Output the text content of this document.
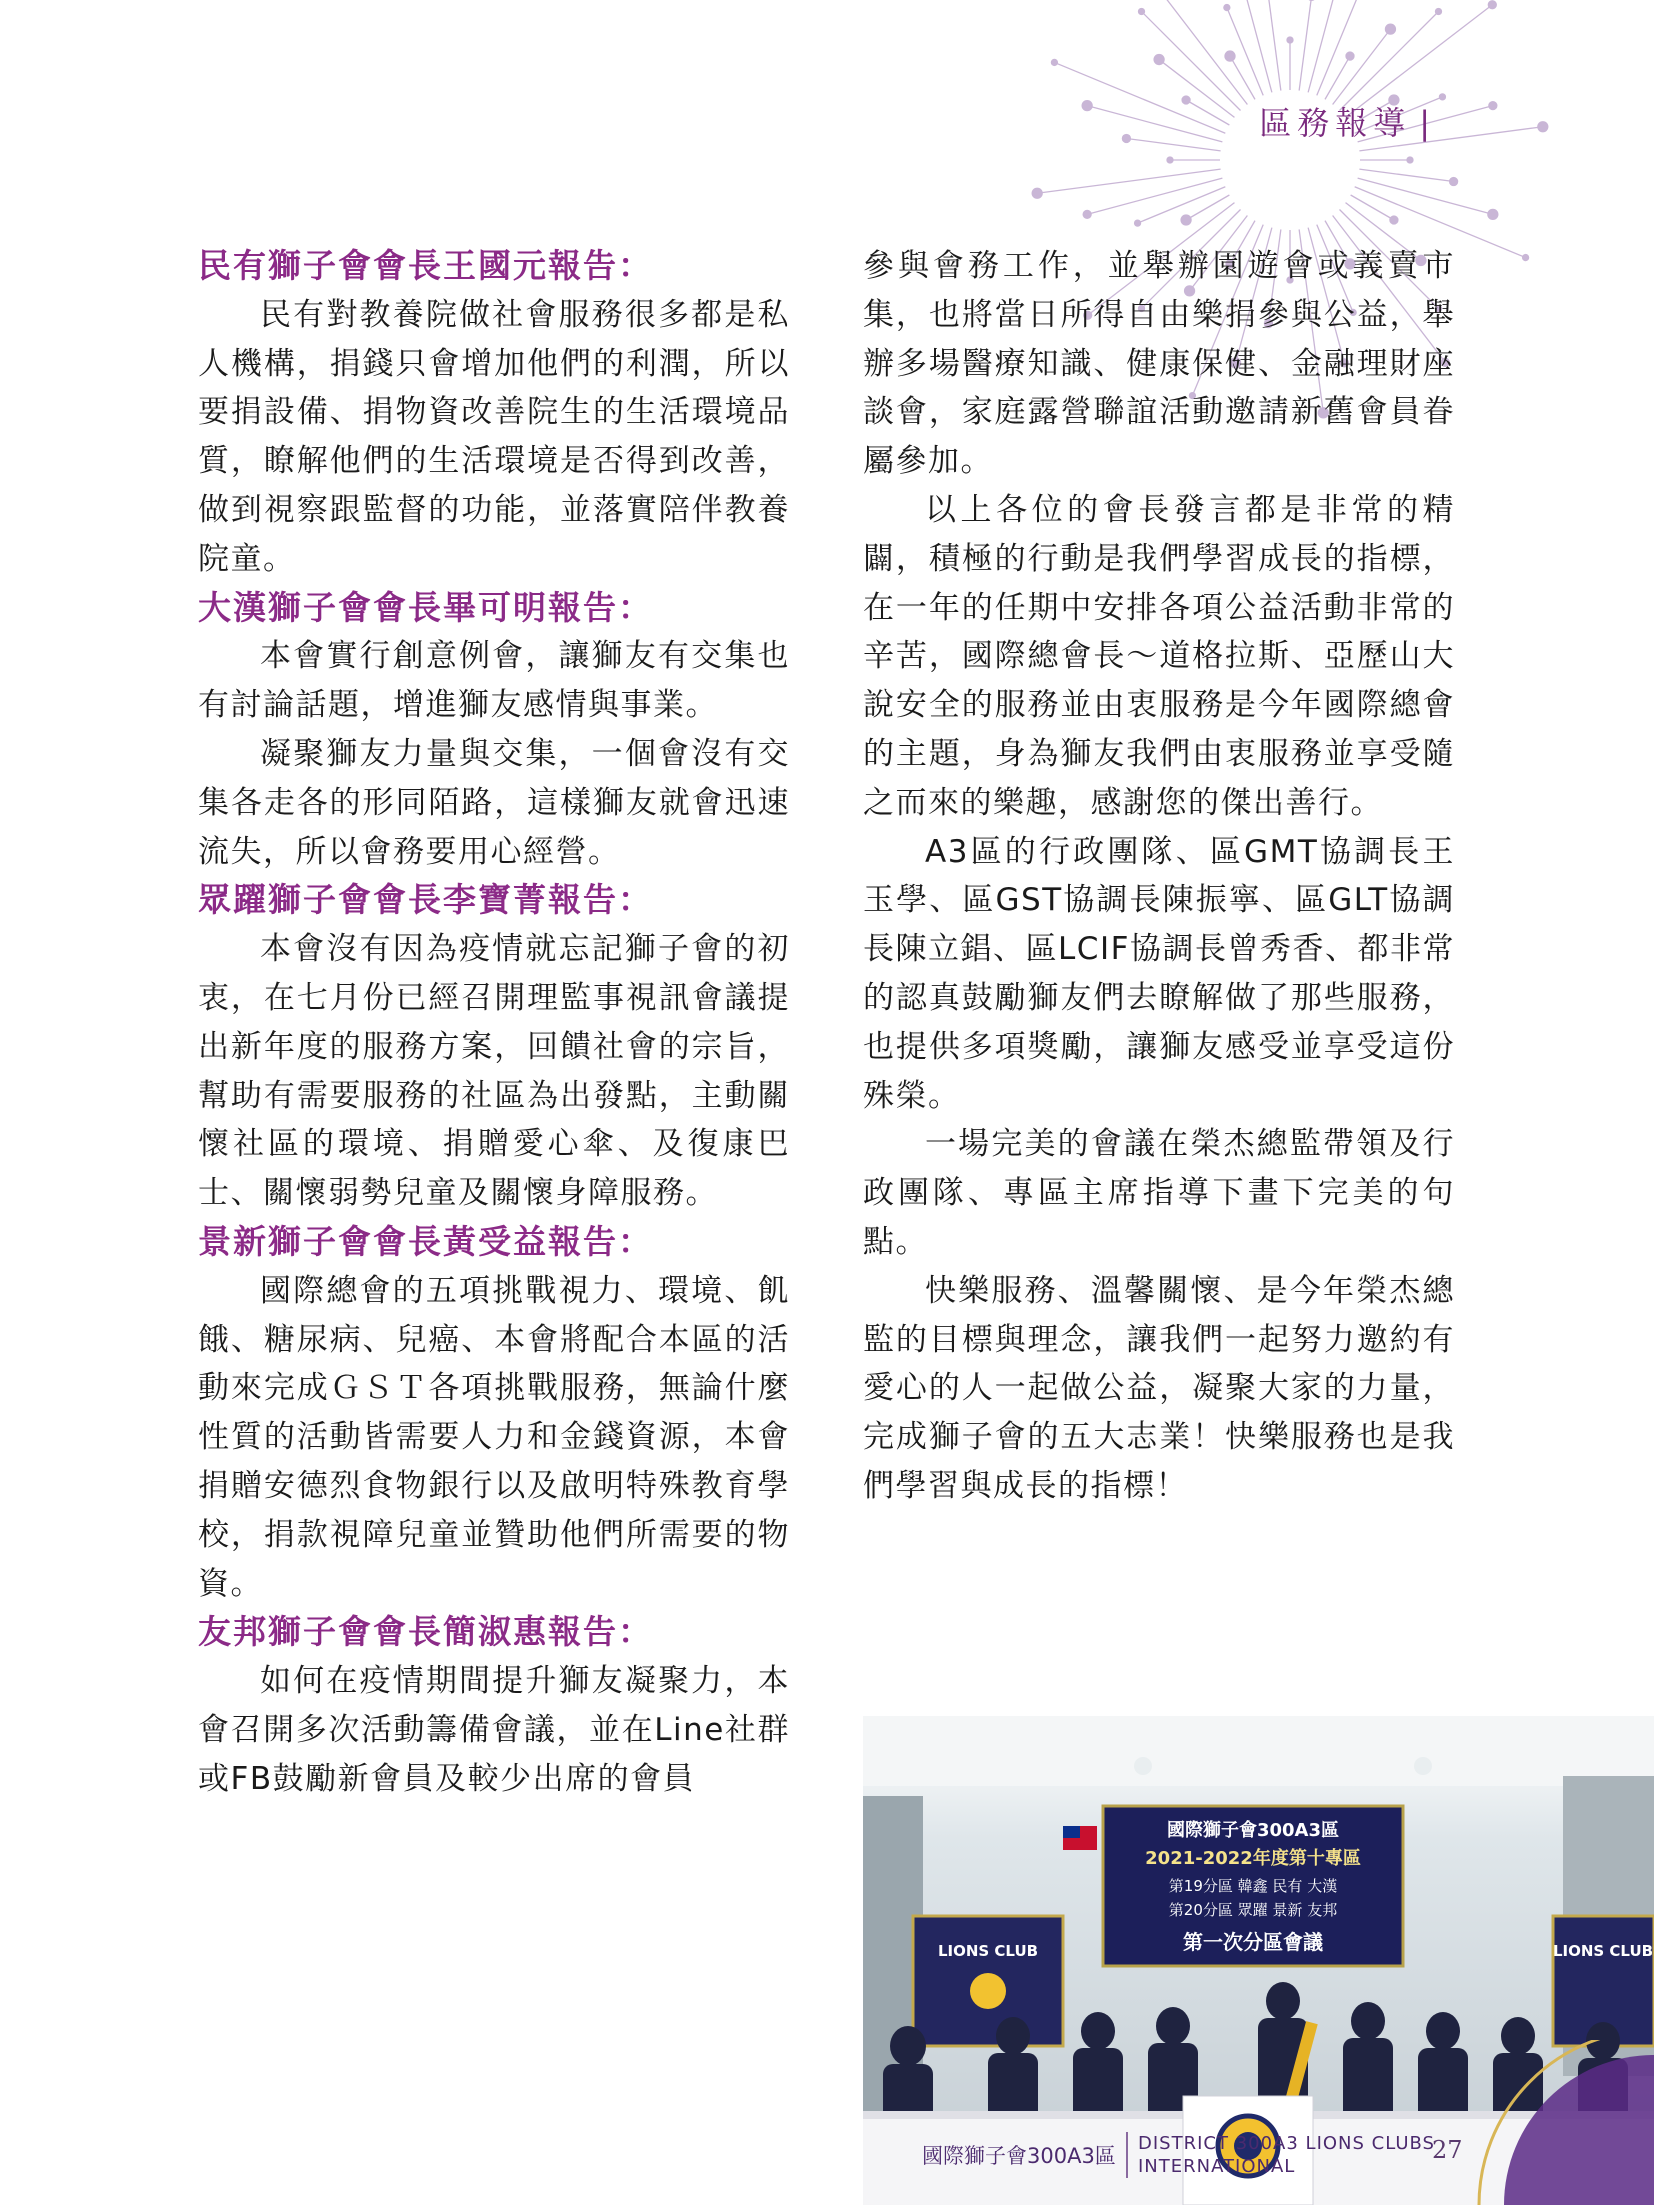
區務報導 |
民有獅子會會長王國元報告：

民有對教養院做社會服務很多都是私人機構，捐錢只會增加他們的利潤，所以要捐設備、捐物資改善院生的生活環境品質，瞭解他們的生活環境是否得到改善，做到視察跟監督的功能，並落實陪伴教養院童。

大漢獅子會會長畢可明報告：

本會實行創意例會，讓獅友有交集也有討論話題，增進獅友感情與事業。

凝聚獅友力量與交集，一個會沒有交集各走各的形同陌路，這樣獅友就會迅速流失，所以會務要用心經營。

眾躍獅子會會長李寶菁報告：

本會沒有因為疫情就忘記獅子會的初衷，在七月份已經召開理監事視訊會議提出新年度的服務方案，回饋社會的宗旨，幫助有需要服務的社區為出發點，主動關懷社區的環境、捐贈愛心傘、及復康巴士、關懷弱勢兒童及關懷身障服務。

景新獅子會會長黃受益報告：

國際總會的五項挑戰視力、環境、飢餓、糖尿病、兒癌、本會將配合本區的活動來完成ＧＳＴ各項挑戰服務，無論什麼性質的活動皆需要人力和金錢資源，本會捐贈安德烈食物銀行以及啟明特殊教育學校，捐款視障兒童並贊助他們所需要的物資。

友邦獅子會會長簡淑惠報告：

如何在疫情期間提升獅友凝聚力，本會召開多次活動籌備會議，並在Line社群或FB鼓勵新會員及較少出席的會員

參與會務工作，並舉辦園遊會或義賣市集，也將當日所得自由樂捐參與公益，舉辦多場醫療知識、健康保健、金融理財座談會，家庭露營聯誼活動邀請新舊會員眷屬參加。

以上各位的會長發言都是非常的精闢，積極的行動是我們學習成長的指標，在一年的任期中安排各項公益活動非常的辛苦，國際總會長～道格拉斯、亞歷山大說安全的服務並由衷服務是今年國際總會的主題，身為獅友我們由衷服務並享受隨之而來的樂趣，感謝您的傑出善行。

A3區的行政團隊、區GMT協調長王玉學、區GST協調長陳振寧、區GLT協調長陳立錩、區LCIF協調長曾秀香、都非常的認真鼓勵獅友們去瞭解做了那些服務，也提供多項獎勵，讓獅友感受並享受這份殊榮。

一場完美的會議在榮杰總監帶領及行政團隊、專區主席指導下畫下完美的句點。

快樂服務、溫馨關懷、是今年榮杰總監的目標與理念，讓我們一起努力邀約有愛心的人一起做公益，凝聚大家的力量，完成獅子會的五大志業！快樂服務也是我們學習與成長的指標！

國際獅子會300A3區
2021-2022年度第十專區
第19分區 韓鑫 民有 大漢
第20分區 眾躍 景新 友邦
第一次分區會議
LIONS CLUB	LIONS CLUB
國際獅子會300A3區
DISTRICT 300A3 LIONS CLUBS
INTERNATIONAL
27
